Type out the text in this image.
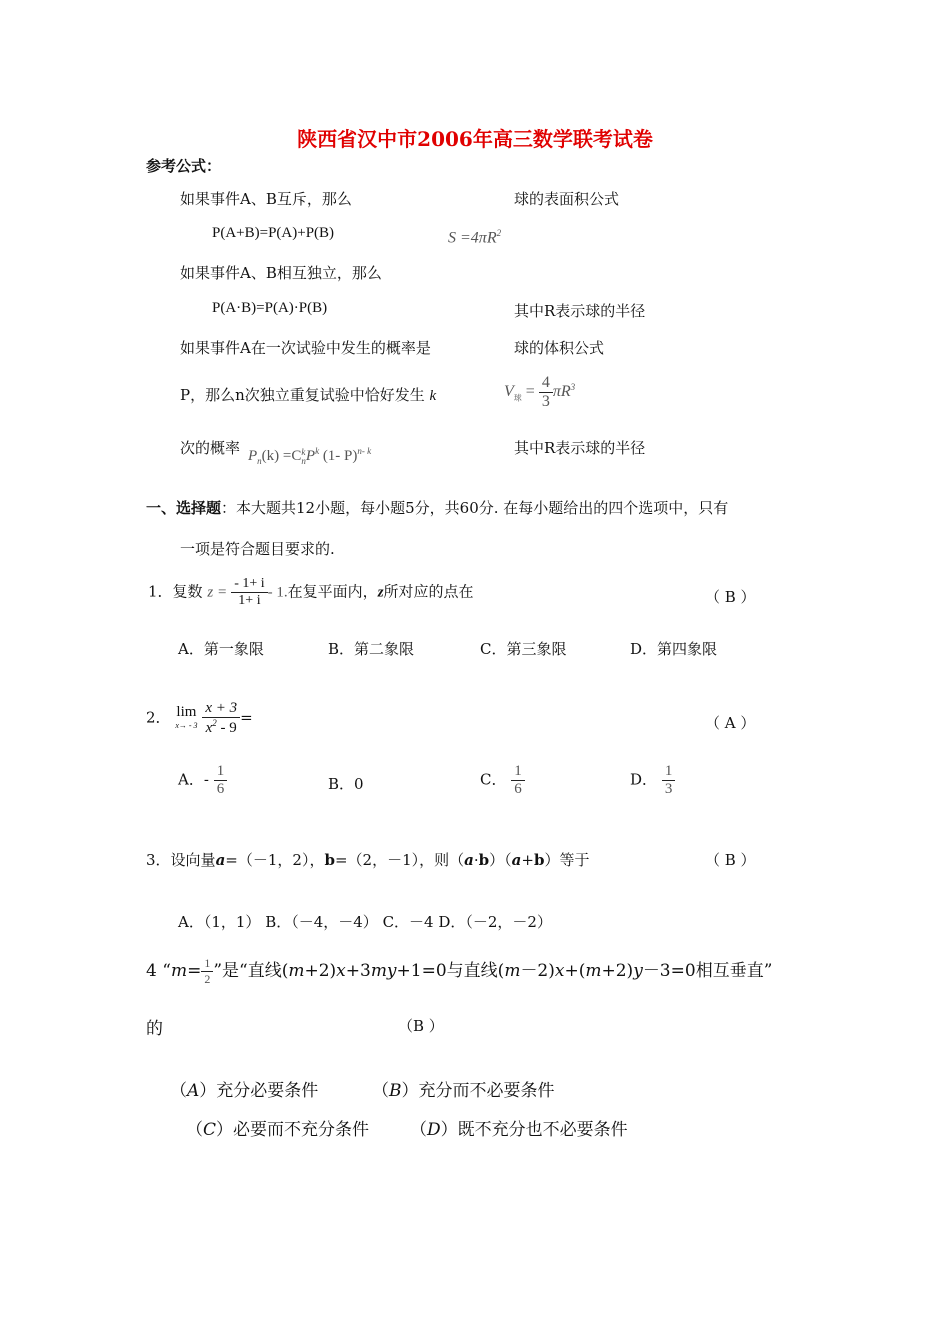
陕西省汉中市2006年高三数学联考试卷
参考公式：
如果事件A、B互斥，那么
P(A+B)=P(A)+P(B)
如果事件A、B相互独立，那么
P(A·B)=P(A)·P(B)
如果事件A在一次试验中发生的概率是
P，那么n次独立重复试验中恰好发生 k
次的概率 $P_n(k) =C$ k
n $P^k$ (1- P)$^{n- k}$
球的表面积公式
$S =4\pi R^2$
其中R表示球的半径
球的体积公式
$V_球 = \frac{4}{3} \pi R^3$
其中R表示球的半径
一、选择题：本大题共12小题，每小题5分，共60分. 在每小题给出的四个选项中，只有
一项是符合题目要求的.
1．复数 $z = \frac{- 1+ i}{1+ i} - 1$.在复平面内，z所对应的点在	（ B ）
A．第一象限	B．第二象限	C．第三象限	D．第四象限
2． lim
x→ - 3
$\frac{x + 3}{x^2 - 9}$ =	（ A ）
A．- $\frac{1}{6}$	B．0	C． $\frac{1}{6}$	D． $\frac{1}{3}$
3．设向量a=（－1，2），b=（2，－1），则（a·b）（a+b）等于	（ B ）
A．（1，1） B．（－4，－4） C．－4 D．（－2，－2）
4 “$m= \frac{1}{2}$ ”是“直线(m+2)x+3my+1=0与直线(m－2)x+(m+2)y－3=0相互垂直”
的	（B ）
（A）充分必要条件	（B）充分而不必要条件
（C）必要而不充分条件 （D）既不充分也不必要条件
